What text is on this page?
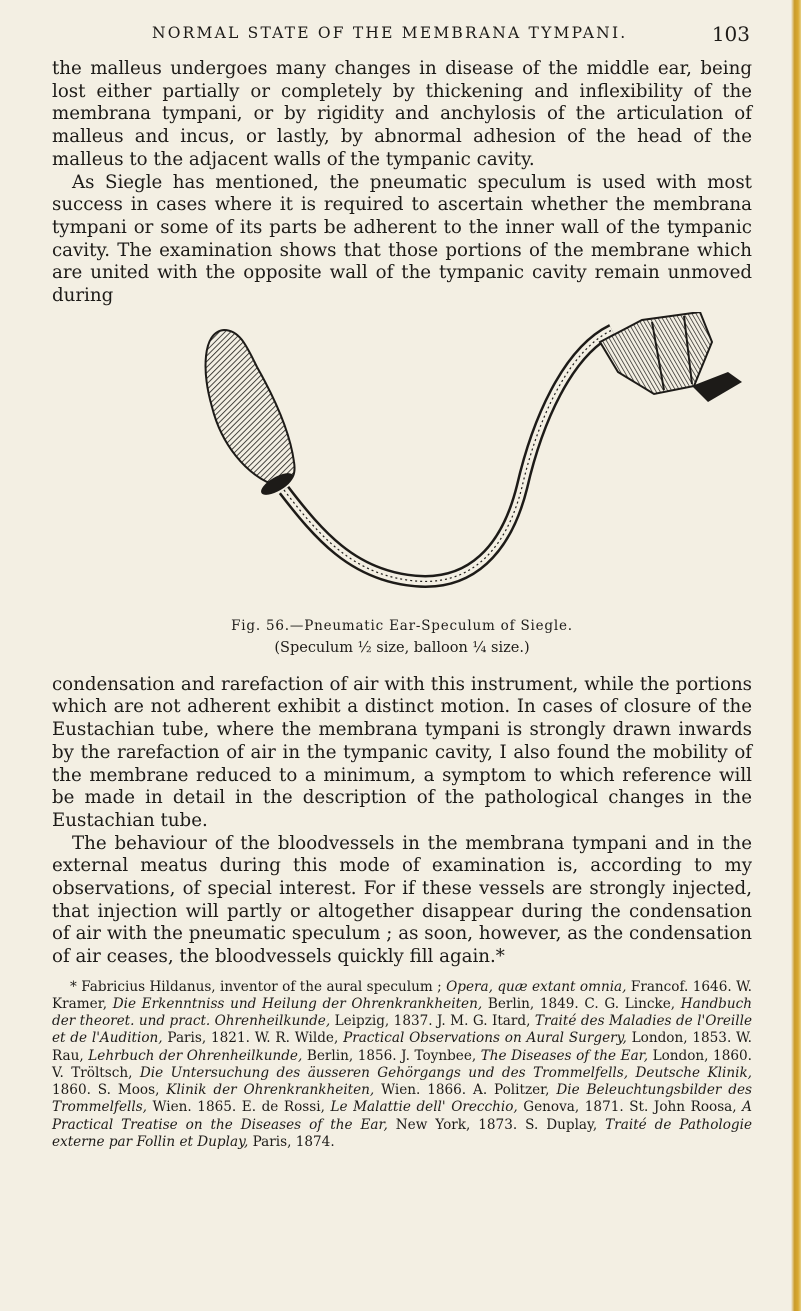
NORMAL STATE OF THE MEMBRANA TYMPANI.	103

the malleus undergoes many changes in disease of the middle ear, being lost either partially or completely by thickening and inflexibility of the membrana tympani, or by rigidity and anchylosis of the articulation of malleus and incus, or lastly, by abnormal adhesion of the head of the malleus to the adjacent walls of the tympanic cavity.

As Siegle has mentioned, the pneumatic speculum is used with most success in cases where it is required to ascertain whether the membrana tympani or some of its parts be adherent to the inner wall of the tympanic cavity. The examination shows that those portions of the membrane which are united with the opposite wall of the tympanic cavity remain unmoved during

Fig. 56.—Pneumatic Ear-Speculum of Siegle.
(Speculum ½ size, balloon ¼ size.)

condensation and rarefaction of air with this instrument, while the portions which are not adherent exhibit a distinct motion. In cases of closure of the Eustachian tube, where the membrana tympani is strongly drawn inwards by the rarefaction of air in the tympanic cavity, I also found the mobility of the membrane reduced to a minimum, a symptom to which reference will be made in detail in the description of the pathological changes in the Eustachian tube.

The behaviour of the bloodvessels in the membrana tympani and in the external meatus during this mode of examination is, according to my observations, of special interest. For if these vessels are strongly injected, that injection will partly or altogether disappear during the condensation of air with the pneumatic speculum ; as soon, however, as the condensation of air ceases, the bloodvessels quickly fill again.*

* Fabricius Hildanus, inventor of the aural speculum ; Opera, quæ extant omnia, Francof. 1646. W. Kramer, Die Erkenntniss und Heilung der Ohrenkrankheiten, Berlin, 1849. C. G. Lincke, Handbuch der theoret. und pract. Ohrenheilkunde, Leipzig, 1837. J. M. G. Itard, Traité des Maladies de l'Oreille et de l'Audition, Paris, 1821. W. R. Wilde, Practical Observations on Aural Surgery, London, 1853. W. Rau, Lehrbuch der Ohrenheilkunde, Berlin, 1856. J. Toynbee, The Diseases of the Ear, London, 1860. V. Tröltsch, Die Untersuchung des äusseren Gehörgangs und des Trommelfells, Deutsche Klinik, 1860. S. Moos, Klinik der Ohrenkrankheiten, Wien. 1866. A. Politzer, Die Beleuchtungsbilder des Trommelfells, Wien. 1865. E. de Rossi, Le Malattie dell' Orecchio, Genova, 1871. St. John Roosa, A Practical Treatise on the Diseases of the Ear, New York, 1873. S. Duplay, Traité de Pathologie externe par Follin et Duplay, Paris, 1874.
